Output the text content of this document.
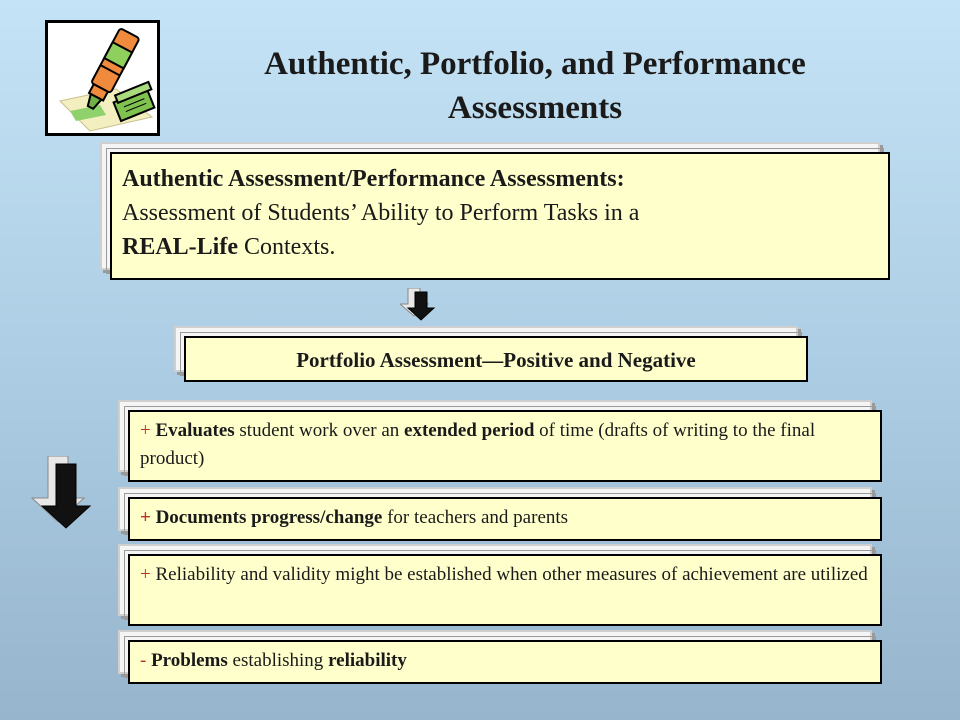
Authentic, Portfolio, and Performance
Assessments
Authentic Assessment/Performance Assessments:
Assessment of Students’ Ability to Perform Tasks in a
REAL-Life Contexts.
Portfolio Assessment—Positive and Negative
+ Evaluates student work over an extended period of time (drafts of writing to the final product)
+ Documents progress/change for teachers and parents
+ Reliability and validity might be established when other measures of achievement are utilized
- Problems establishing reliability
